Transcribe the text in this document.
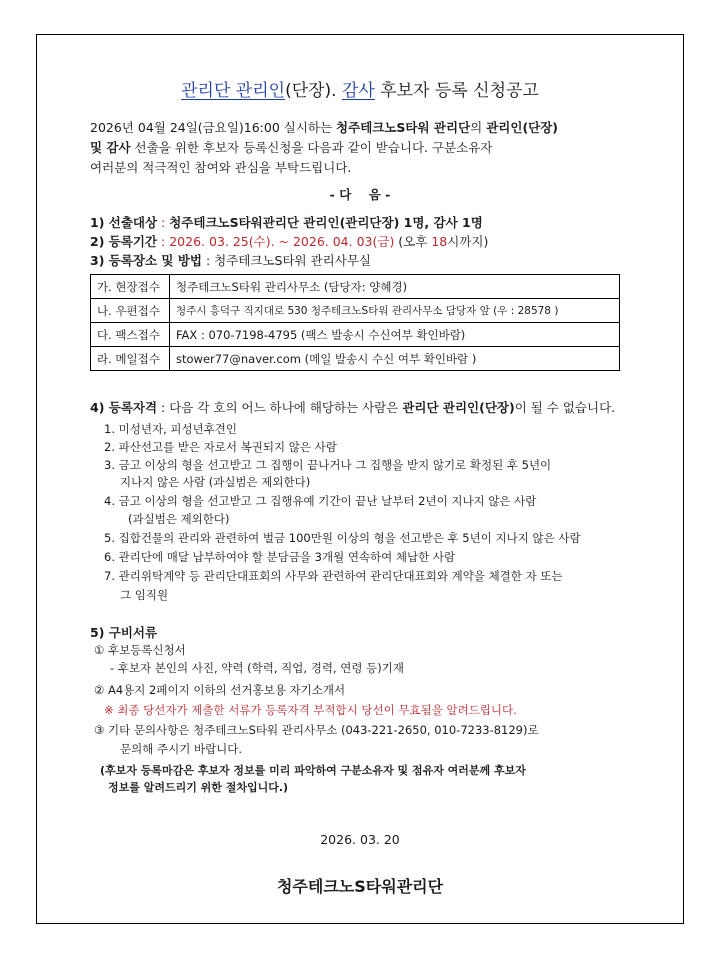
관리단 관리인(단장). 감사 후보자 등록 신청공고
2026년 04월 24일(금요일)16:00 실시하는 청주테크노S타워 관리단의 관리인(단장)
및 감사 선출을 위한 후보자 등록신청을 다음과 같이 받습니다. 구분소유자
여러분의 적극적인 참여와 관심을 부탁드립니다.
- 다    음 -
1) 선출대상 : 청주테크노S타워관리단 관리인(관리단장) 1명, 감사 1명
2) 등록기간 : 2026. 03. 25(수). ~ 2026. 04. 03(금) (오후 18시까지)
3) 등록장소 및 방법 : 청주테크노S타워 관리사무실
가. 현장접수	청주테크노S타워 관리사무소 (담당자: 양혜경)
나. 우편접수	청주시 흥덕구 직지대로 530 청주테크노S타워 관리사무소 담당자 앞 (우 : 28578 )
다. 팩스접수	FAX : 070-7198-4795 (팩스 발송시 수신여부 확인바람)
라. 메일접수	stower77@naver.com (메일 발송시 수신 여부 확인바람 )
4) 등록자격 : 다음 각 호의 어느 하나에 해당하는 사람은 관리단 관리인(단장)이 될 수 없습니다.
1. 미성년자, 피성년후견인
2. 파산선고를 받은 자로서 복권되지 않은 사람
3. 금고 이상의 형을 선고받고 그 집행이 끝나거나 그 집행을 받지 않기로 확정된 후 5년이
지나지 않은 사람 (과실범은 제외한다)
4. 금고 이상의 형을 선고받고 그 집행유예 기간이 끝난 날부터 2년이 지나지 않은 사람
(과실범은 제외한다)
5. 집합건물의 관리와 관련하여 벌금 100만원 이상의 형을 선고받은 후 5년이 지나지 않은 사람
6. 관리단에 매달 납부하여야 할 분담금을 3개월 연속하여 체납한 사람
7. 관리위탁계약 등 관리단대표회의 사무와 관련하여 관리단대표회와 계약을 체결한 자 또는
그 임직원
5) 구비서류
① 후보등록신청서
- 후보자 본인의 사진, 약력 (학력, 직업, 경력, 연령 등)기재
② A4용지 2페이지 이하의 선거홍보용 자기소개서
※ 최종 당선자가 제출한 서류가 등록자격 부적합시 당선이 무효됨을 알려드립니다.
③ 기타 문의사항은 청주테크노S타워 관리사무소 (043-221-2650, 010-7233-8129)로
문의해 주시기 바랍니다.
(후보자 등록마감은 후보자 정보를 미리 파악하여 구분소유자 및 점유자 여러분께 후보자
정보를 알려드리기 위한 절차입니다.)
2026. 03. 20
청주테크노S타워관리단
